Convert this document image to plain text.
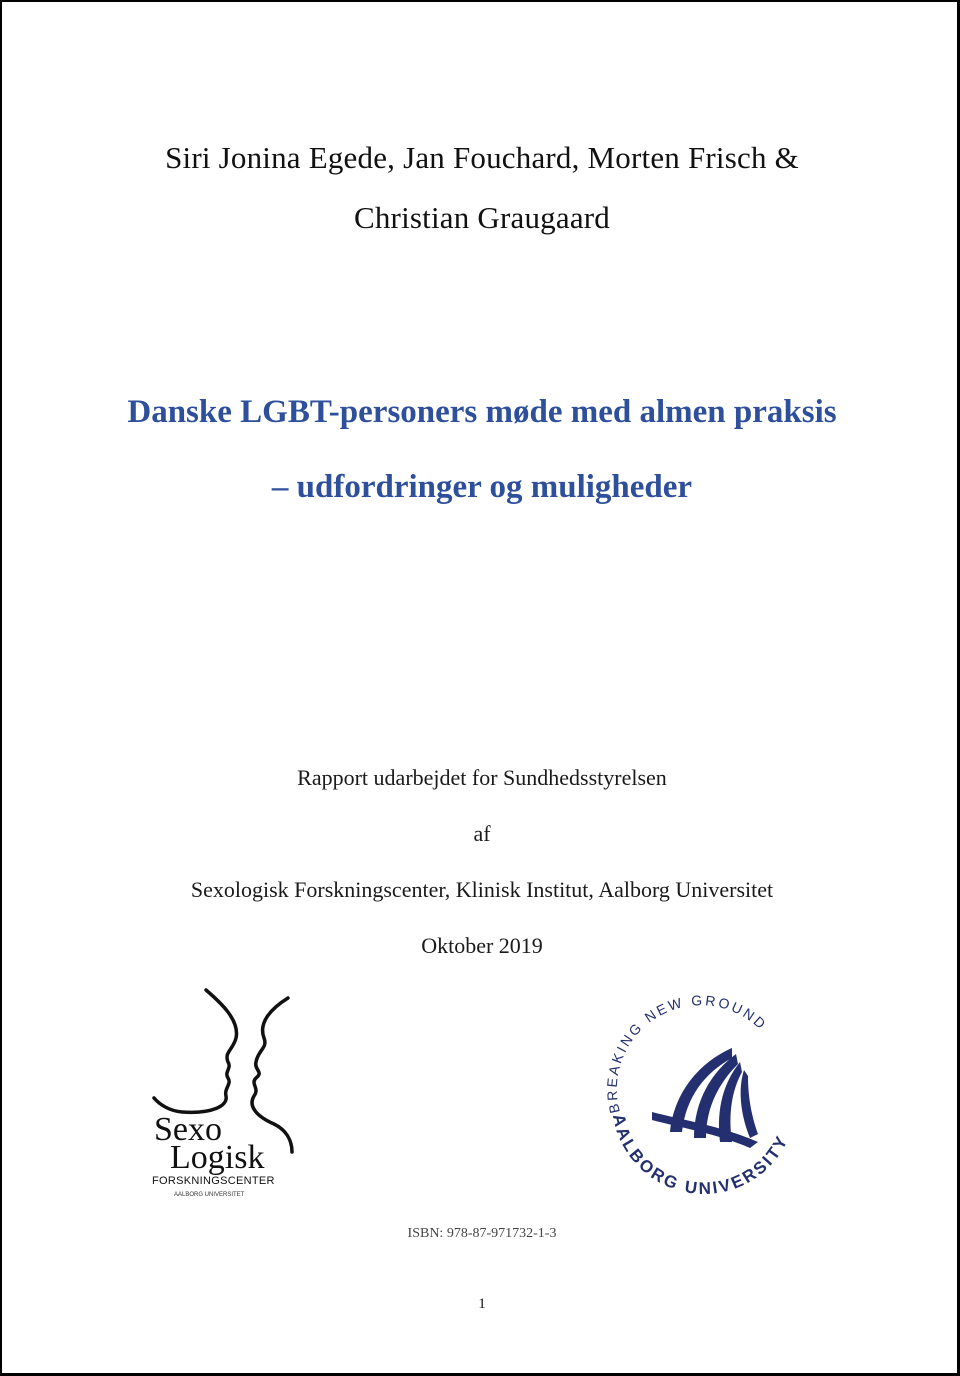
Siri Jonina Egede, Jan Fouchard, Morten Frisch &
Christian Graugaard
Danske LGBT-personers møde med almen praksis
– udfordringer og muligheder
Rapport udarbejdet for Sundhedsstyrelsen
af
Sexologisk Forskningscenter, Klinisk Institut, Aalborg Universitet
Oktober 2019
Sexo
Logisk
FORSKNINGSCENTER
AALBORG UNIVERSITET
BREAKING NEW GROUND
AALBORG UNIVERSITY
ISBN: 978-87-971732-1-3
1
